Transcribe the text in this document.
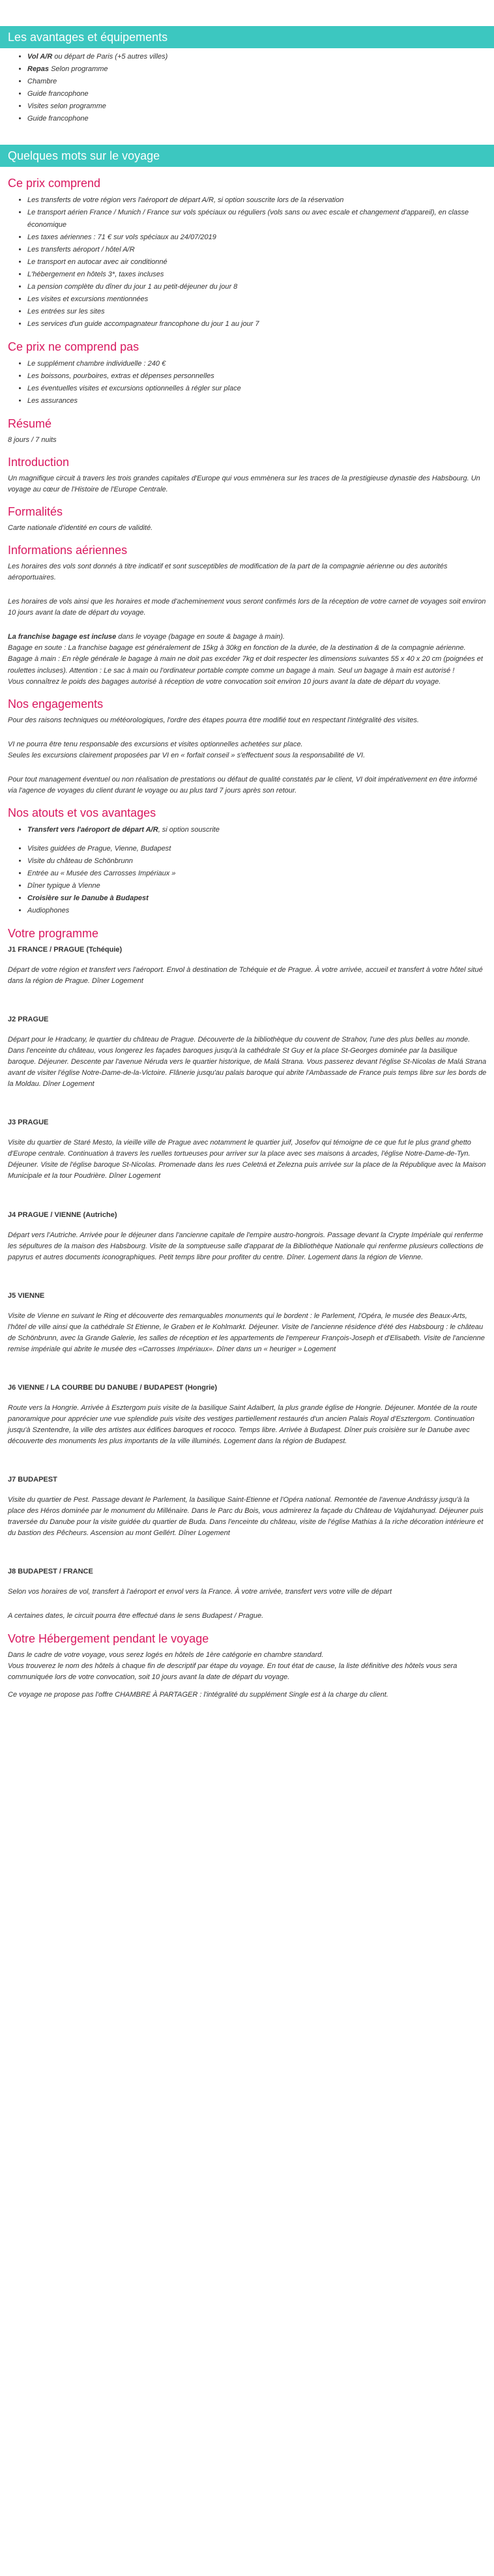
Les avantages et équipements
• Vol A/R ou départ de Paris (+5 autres villes)
• Repas Selon programme
• Chambre
• Guide francophone
• Visites selon programme
• Guide francophone
Quelques mots sur le voyage
Ce prix comprend
• Les transferts de votre région vers l'aéroport de départ A/R, si option souscrite lors de la réservation
• Le transport aérien France / Munich / France sur vols spéciaux ou réguliers (vols sans ou avec escale et changement d'appareil), en classe économique
• Les taxes aériennes : 71 € sur vols spéciaux au 24/07/2019
• Les transferts aéroport / hôtel A/R
• Le transport en autocar avec air conditionné
• L'hébergement en hôtels 3*, taxes incluses
• La pension complète du dîner du jour 1 au petit-déjeuner du jour 8
• Les visites et excursions mentionnées
• Les entrées sur les sites
• Les services d'un guide accompagnateur francophone du jour 1 au jour 7
Ce prix ne comprend pas
• Le supplément chambre individuelle : 240 €
• Les boissons, pourboires, extras et dépenses personnelles
• Les éventuelles visites et excursions optionnelles à régler sur place
• Les assurances
Résumé

8 jours / 7 nuits

Introduction

Un magnifique circuit à travers les trois grandes capitales d'Europe qui vous emmènera sur les traces de la prestigieuse dynastie des Habsbourg. Un voyage au cœur de l'Histoire de l'Europe Centrale.

Formalités

Carte nationale d'identité en cours de validité.

Informations aériennes

Les horaires des vols sont donnés à titre indicatif et sont susceptibles de modification de la part de la compagnie aérienne ou des autorités aéroportuaires.

Les horaires de vols ainsi que les horaires et mode d'acheminement vous seront confirmés lors de la réception de votre carnet de voyages soit environ 10 jours avant la date de départ du voyage.

La franchise bagage est incluse dans le voyage (bagage en soute & bagage à main).
Bagage en soute : La franchise bagage est généralement de 15kg à 30kg en fonction de la durée, de la destination & de la compagnie aérienne.
Bagage à main : En règle générale le bagage à main ne doit pas excéder 7kg et doit respecter les dimensions suivantes 55 x 40 x 20 cm (poignées et roulettes incluses). Attention : Le sac à main ou l'ordinateur portable compte comme un bagage à main. Seul un bagage à main est autorisé !
Vous connaîtrez le poids des bagages autorisé à réception de votre convocation soit environ 10 jours avant la date de départ du voyage.

Nos engagements

Pour des raisons techniques ou météorologiques, l'ordre des étapes pourra être modifié tout en respectant l'intégralité des visites.

VI ne pourra être tenu responsable des excursions et visites optionnelles achetées sur place.
Seules les excursions clairement proposées par VI en « forfait conseil » s'effectuent sous la responsabilité de VI.

Pour tout management éventuel ou non réalisation de prestations ou défaut de qualité constatés par le client, VI doit impérativement en être informé via l'agence de voyages du client durant le voyage ou au plus tard 7 jours après son retour.

Nos atouts et vos avantages
• Transfert vers l'aéroport de départ A/R, si option souscrite
• Visites guidées de Prague, Vienne, Budapest
• Visite du château de Schönbrunn
• Entrée au « Musée des Carrosses Impériaux »
• Dîner typique à Vienne
• Croisière sur le Danube à Budapest
• Audiophones
Votre programme
J1 FRANCE / PRAGUE (Tchéquie)

Départ de votre région et transfert vers l'aéroport. Envol à destination de Tchéquie et de Prague. À votre arrivée, accueil et transfert à votre hôtel situé dans la région de Prague. Dîner Logement

J2 PRAGUE

Départ pour le Hradcany, le quartier du château de Prague. Découverte de la bibliothèque du couvent de Strahov, l'une des plus belles au monde. Dans l'enceinte du château, vous longerez les façades baroques jusqu'à la cathédrale St Guy et la place St-Georges dominée par la basilique baroque. Déjeuner. Descente par l'avenue Néruda vers le quartier historique, de Malá Strana. Vous passerez devant l'église St-Nicolas de Malá Strana avant de visiter l'église Notre-Dame-de-la-Victoire. Flânerie jusqu'au palais baroque qui abrite l'Ambassade de France puis temps libre sur les bords de la Moldau. Dîner Logement

J3 PRAGUE

Visite du quartier de Staré Mesto, la vieille ville de Prague avec notamment le quartier juif, Josefov qui témoigne de ce que fut le plus grand ghetto d'Europe centrale. Continuation à travers les ruelles tortueuses pour arriver sur la place avec ses maisons à arcades, l'église Notre-Dame-de-Tyn. Déjeuner. Visite de l'église baroque St-Nicolas. Promenade dans les rues Celetná et Zelezna puis arrivée sur la place de la République avec la Maison Municipale et la tour Poudrière. Dîner Logement

J4 PRAGUE / VIENNE (Autriche)

Départ vers l'Autriche. Arrivée pour le déjeuner dans l'ancienne capitale de l'empire austro-hongrois. Passage devant la Crypte Impériale qui renferme les sépultures de la maison des Habsbourg. Visite de la somptueuse salle d'apparat de la Bibliothèque Nationale qui renferme plusieurs collections de papyrus et autres documents iconographiques. Petit temps libre pour profiter du centre. Dîner. Logement dans la région de Vienne.

J5 VIENNE

Visite de Vienne en suivant le Ring et découverte des remarquables monuments qui le bordent : le Parlement, l'Opéra, le musée des Beaux-Arts, l'hôtel de ville ainsi que la cathédrale St Etienne, le Graben et le Kohlmarkt. Déjeuner. Visite de l'ancienne résidence d'été des Habsbourg : le château de Schönbrunn, avec la Grande Galerie, les salles de réception et les appartements de l'empereur François-Joseph et d'Elisabeth. Visite de l'ancienne remise impériale qui abrite le musée des «Carrosses Impériaux». Dîner dans un « heuriger » Logement

J6 VIENNE / LA COURBE DU DANUBE / BUDAPEST (Hongrie)

Route vers la Hongrie. Arrivée à Esztergom puis visite de la basilique Saint Adalbert, la plus grande église de Hongrie. Déjeuner. Montée de la route panoramique pour apprécier une vue splendide puis visite des vestiges partiellement restaurés d'un ancien Palais Royal d'Esztergom. Continuation jusqu'à Szentendre, la ville des artistes aux édifices baroques et rococo. Temps libre. Arrivée à Budapest. Dîner puis croisière sur le Danube avec découverte des monuments les plus importants de la ville illuminés. Logement dans la région de Budapest.

J7 BUDAPEST

Visite du quartier de Pest. Passage devant le Parlement, la basilique Saint-Etienne et l'Opéra national. Remontée de l'avenue Andrássy jusqu'à la place des Héros dominée par le monument du Millénaire. Dans le Parc du Bois, vous admirerez la façade du Château de Vajdahunyad. Déjeuner puis traversée du Danube pour la visite guidée du quartier de Buda. Dans l'enceinte du château, visite de l'église Mathias à la riche décoration intérieure et du bastion des Pêcheurs. Ascension au mont Gellért. Dîner Logement

J8 BUDAPEST / FRANCE

Selon vos horaires de vol, transfert à l'aéroport et envol vers la France. À votre arrivée, transfert vers votre ville de départ

A certaines dates, le circuit pourra être effectué dans le sens Budapest / Prague.

Votre Hébergement pendant le voyage

Dans le cadre de votre voyage, vous serez logés en hôtels de 1ère catégorie en chambre standard.
Vous trouverez le nom des hôtels à chaque fin de descriptif par étape du voyage. En tout état de cause, la liste définitive des hôtels vous sera communiquée lors de votre convocation, soit 10 jours avant la date de départ du voyage.

Ce voyage ne propose pas l'offre CHAMBRE À PARTAGER : l'intégralité du supplément Single est à la charge du client.
